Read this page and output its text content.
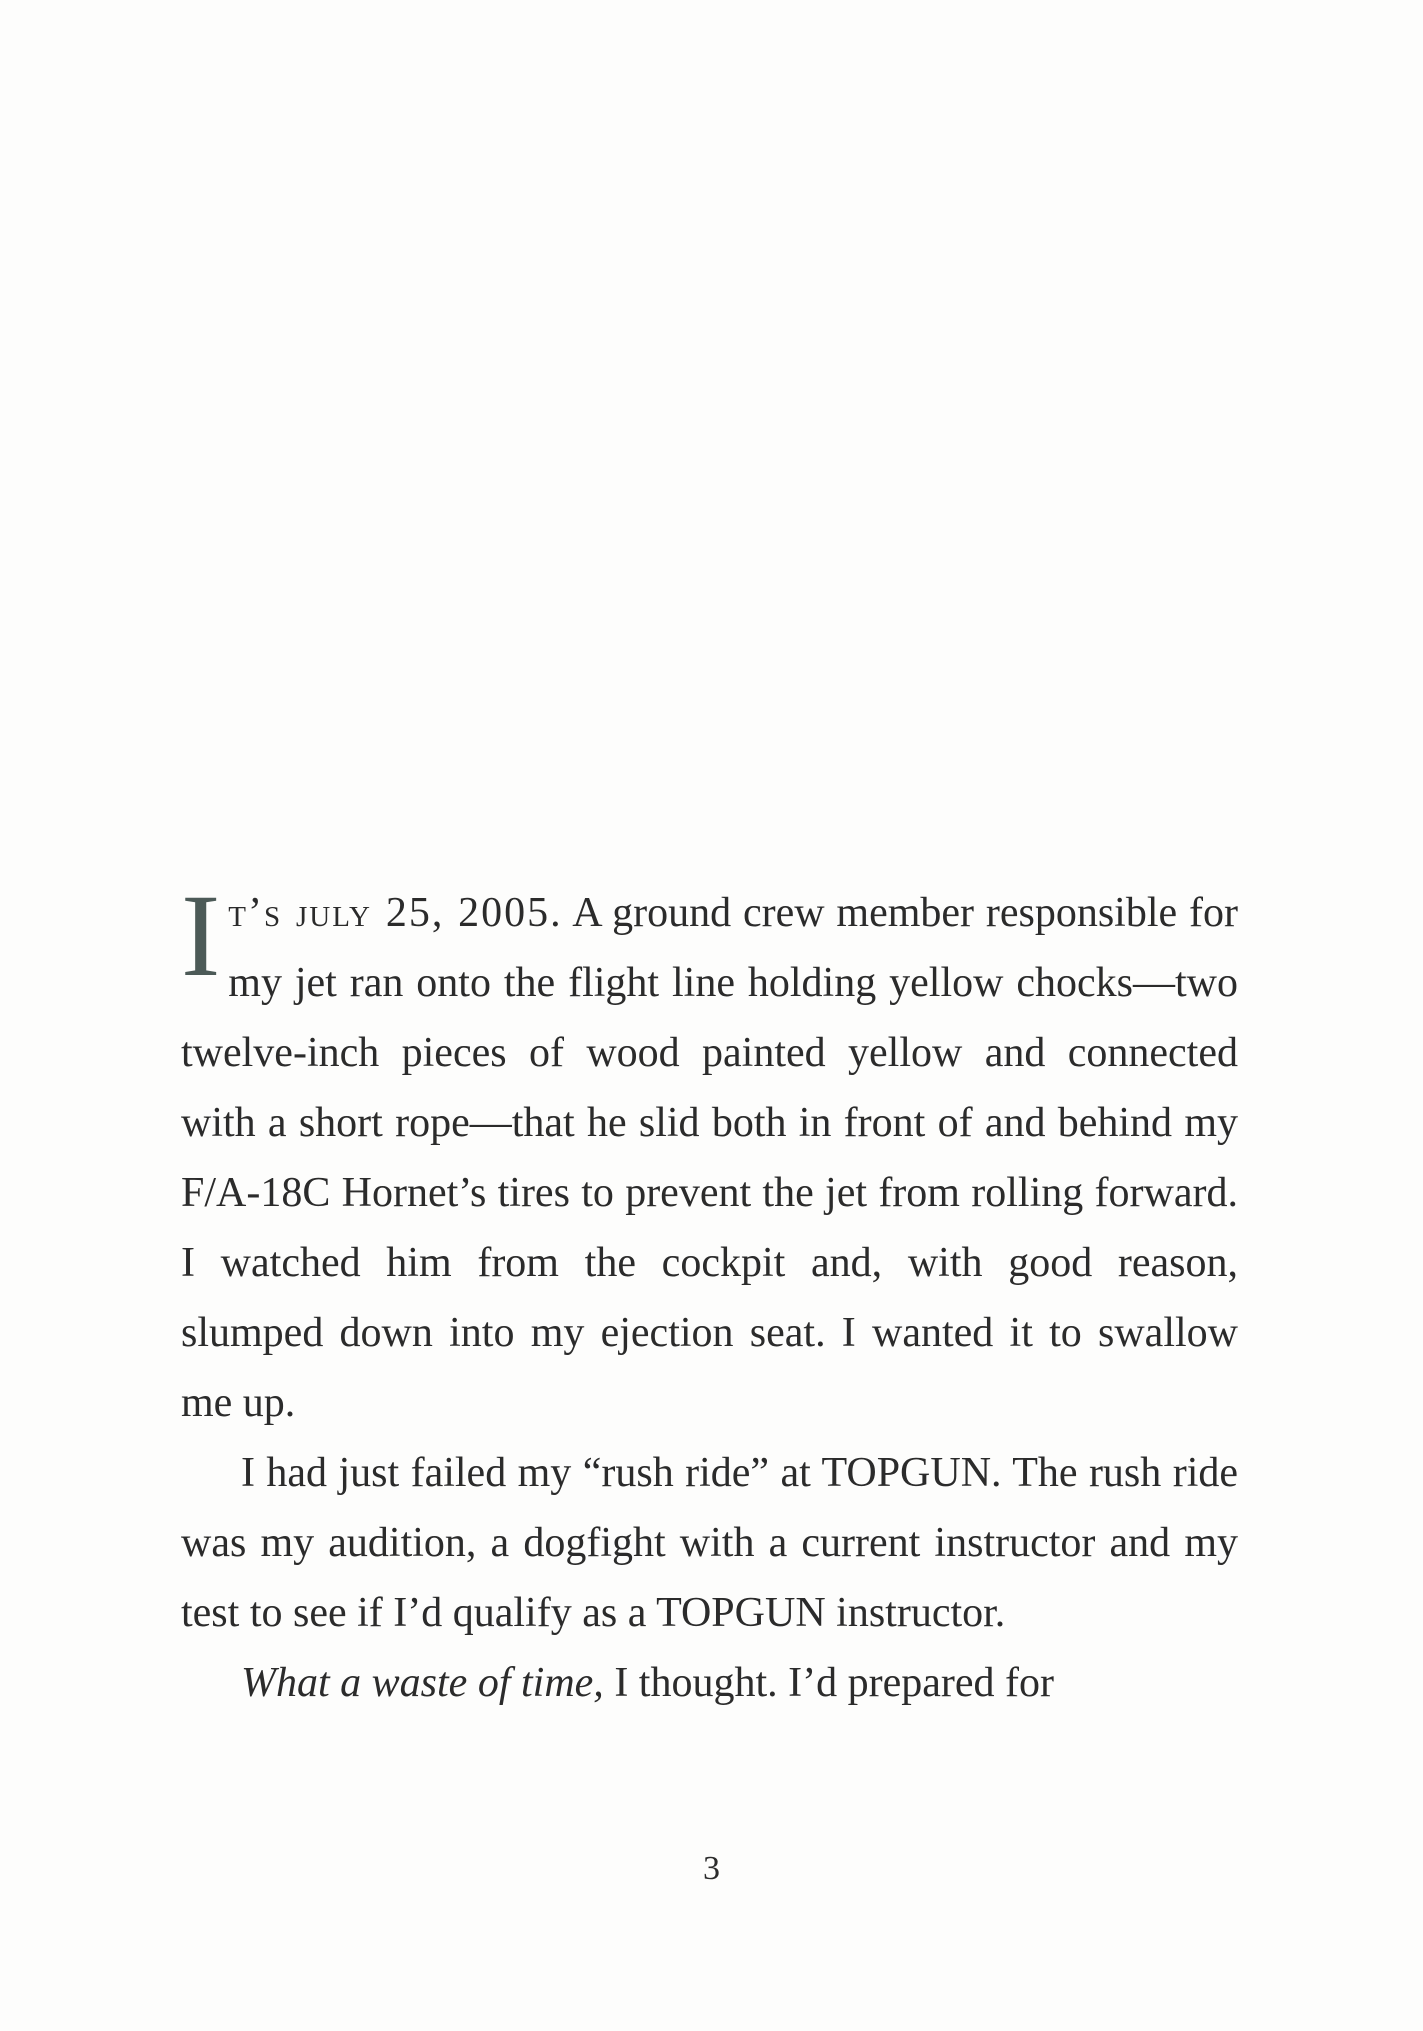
It’s july 25, 2005. A ground crew member responsible for my jet ran onto the flight line holding yellow chocks—two twelve-inch pieces of wood painted yellow and connected with a short rope—that he slid both in front of and behind my F/A-18C Hornet’s tires to prevent the jet from rolling forward. I watched him from the cockpit and, with good reason, slumped down into my ejection seat. I wanted it to swallow me up.

I had just failed my “rush ride” at TOPGUN. The rush ride was my audition, a dogfight with a current instructor and my test to see if I’d qualify as a TOPGUN instructor.

What a waste of time, I thought. I’d prepared for

3
